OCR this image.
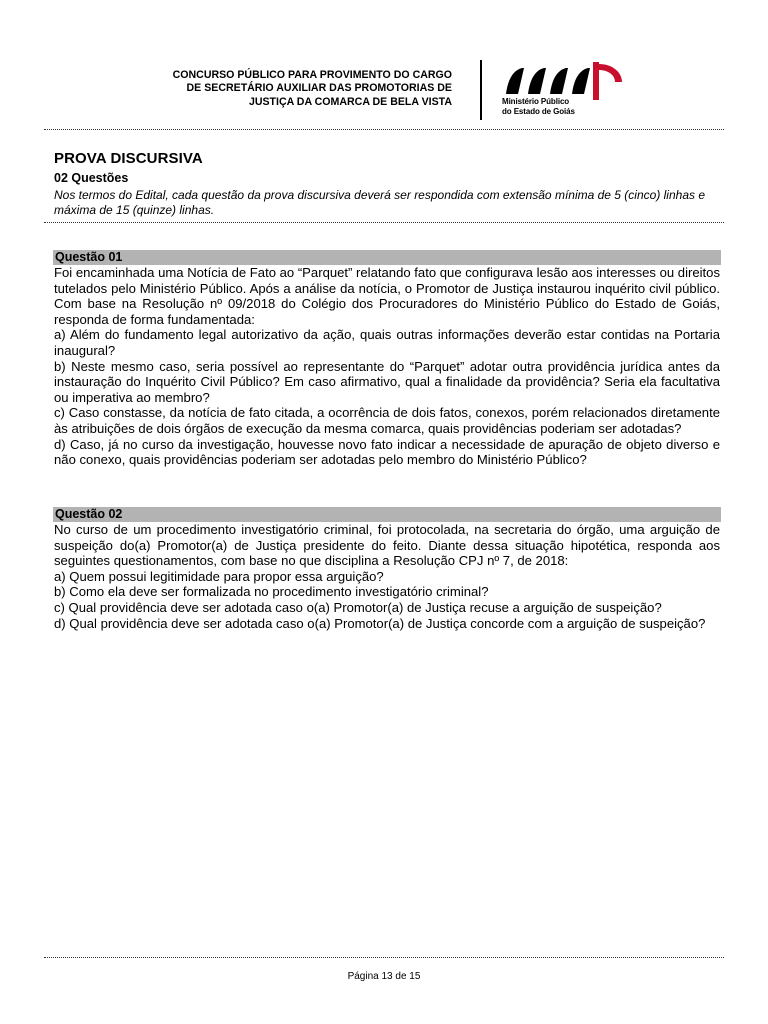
CONCURSO PÚBLICO PARA PROVIMENTO DO CARGO
DE SECRETÁRIO AUXILIAR DAS PROMOTORIAS DE
JUSTIÇA DA COMARCA DE BELA VISTA	Ministério Público
do Estado de Goiás
PROVA DISCURSIVA
02 Questões
Nos termos do Edital, cada questão da prova discursiva deverá ser respondida com extensão mínima de 5 (cinco) linhas e máxima de 15 (quinze) linhas.
Questão 01

Foi encaminhada uma Notícia de Fato ao “Parquet” relatando fato que configurava lesão aos interesses ou direitos tutelados pelo Ministério Público. Após a análise da notícia, o Promotor de Justiça instaurou inquérito civil público. Com base na Resolução nº 09/2018 do Colégio dos Procuradores do Ministério Público do Estado de Goiás, responda de forma fundamentada:

a) Além do fundamento legal autorizativo da ação, quais outras informações deverão estar contidas na Portaria inaugural?

b) Neste mesmo caso, seria possível ao representante do “Parquet” adotar outra providência jurídica antes da instauração do Inquérito Civil Público? Em caso afirmativo, qual a finalidade da providência? Seria ela facultativa ou imperativa ao membro?

c) Caso constasse, da notícia de fato citada, a ocorrência de dois fatos, conexos, porém relacionados diretamente às atribuições de dois órgãos de execução da mesma comarca, quais providências poderiam ser adotadas?

d) Caso, já no curso da investigação, houvesse novo fato indicar a necessidade de apuração de objeto diverso e não conexo, quais providências poderiam ser adotadas pelo membro do Ministério Público?

Questão 02

No curso de um procedimento investigatório criminal, foi protocolada, na secretaria do órgão, uma arguição de suspeição do(a) Promotor(a) de Justiça presidente do feito. Diante dessa situação hipotética, responda aos seguintes questionamentos, com base no que disciplina a Resolução CPJ nº 7, de 2018:

a) Quem possui legitimidade para propor essa arguição?

b) Como ela deve ser formalizada no procedimento investigatório criminal?

c) Qual providência deve ser adotada caso o(a) Promotor(a) de Justiça recuse a arguição de suspeição?

d) Qual providência deve ser adotada caso o(a) Promotor(a) de Justiça concorde com a arguição de suspeição?

Página 13 de 15
